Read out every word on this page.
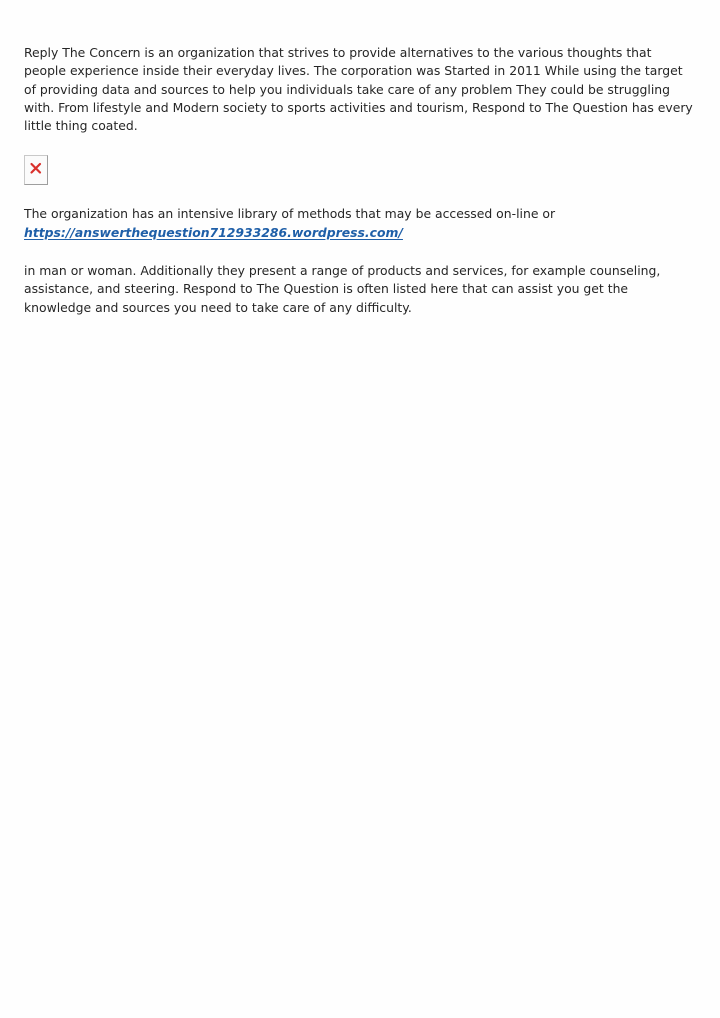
Reply The Concern is an organization that strives to provide alternatives to the various thoughts that people experience inside their everyday lives. The corporation was Started in 2011 While using the target of providing data and sources to help you individuals take care of any problem They could be struggling with. From lifestyle and Modern society to sports activities and tourism, Respond to The Question has every little thing coated.

The organization has an intensive library of methods that may be accessed on-line or

https://answerthequestion712933286.wordpress.com/

in man or woman. Additionally they present a range of products and services, for example counseling, assistance, and steering. Respond to The Question is often listed here that can assist you get the knowledge and sources you need to take care of any difficulty.
